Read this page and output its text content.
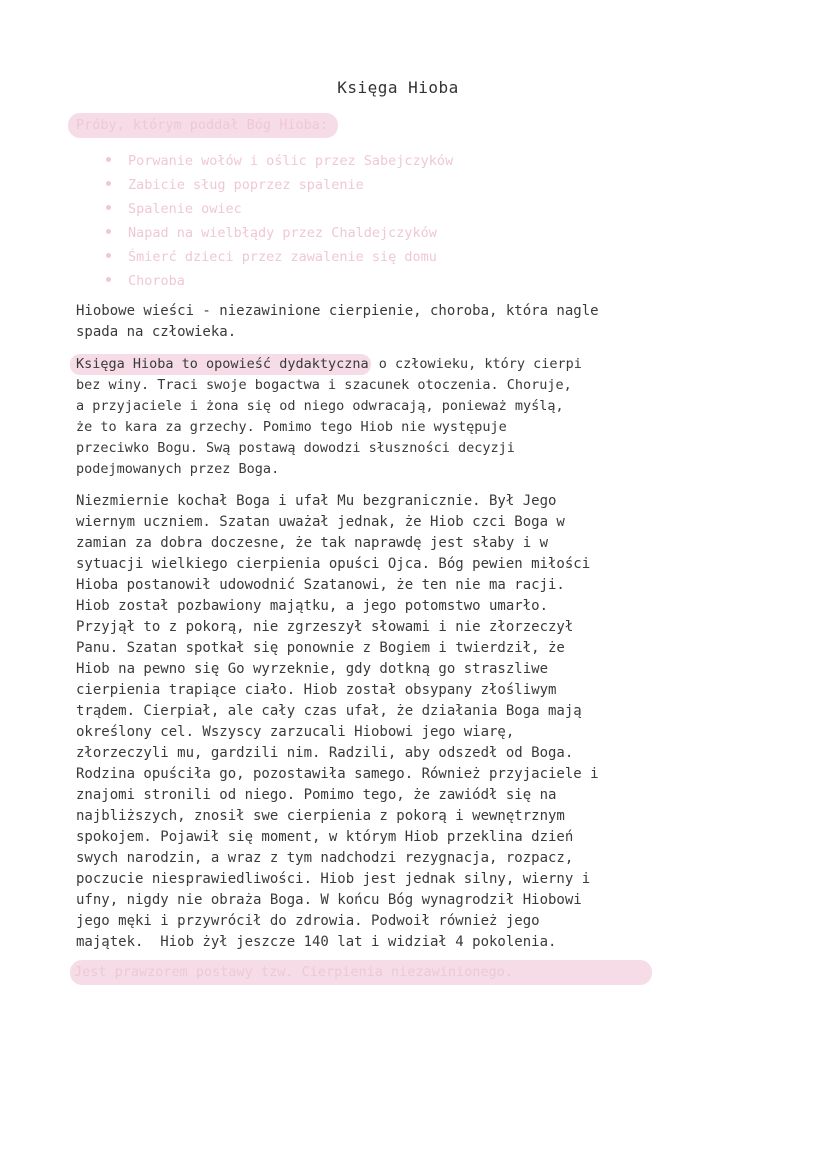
Księga Hioba
Próby, którym poddał Bóg Hioba:
Porwanie wołów i oślic przez Sabejczyków
Zabicie sług poprzez spalenie
Spalenie owiec
Napad na wielbłądy przez Chaldejczyków
Śmierć dzieci przez zawalenie się domu
Choroba
Hiobowe wieści - niezawinione cierpienie, choroba, która nagle
spada na człowieka.
Księga Hioba to opowieść dydaktyczna o człowieku, który cierpi
bez winy. Traci swoje bogactwa i szacunek otoczenia. Choruje,
a przyjaciele i żona się od niego odwracają, ponieważ myślą,
że to kara za grzechy. Pomimo tego Hiob nie występuje
przeciwko Bogu. Swą postawą dowodzi słuszności decyzji
podejmowanych przez Boga.
Niezmiernie kochał Boga i ufał Mu bezgranicznie. Był Jego
wiernym uczniem. Szatan uważał jednak, że Hiob czci Boga w
zamian za dobra doczesne, że tak naprawdę jest słaby i w
sytuacji wielkiego cierpienia opuści Ojca. Bóg pewien miłości
Hioba postanowił udowodnić Szatanowi, że ten nie ma racji.
Hiob został pozbawiony majątku, a jego potomstwo umarło.
Przyjął to z pokorą, nie zgrzeszył słowami i nie złorzeczył
Panu. Szatan spotkał się ponownie z Bogiem i twierdził, że
Hiob na pewno się Go wyrzeknie, gdy dotkną go straszliwe
cierpienia trapiące ciało. Hiob został obsypany złośliwym
trądem. Cierpiał, ale cały czas ufał, że działania Boga mają
określony cel. Wszyscy zarzucali Hiobowi jego wiarę,
złorzeczyli mu, gardzili nim. Radzili, aby odszedł od Boga.
Rodzina opuściła go, pozostawiła samego. Również przyjaciele i
znajomi stronili od niego. Pomimo tego, że zawiódł się na
najbliższych, znosił swe cierpienia z pokorą i wewnętrznym
spokojem. Pojawił się moment, w którym Hiob przeklina dzień
swych narodzin, a wraz z tym nadchodzi rezygnacja, rozpacz,
poczucie niesprawiedliwości. Hiob jest jednak silny, wierny i
ufny, nigdy nie obraża Boga. W końcu Bóg wynagrodził Hiobowi
jego męki i przywrócił do zdrowia. Podwoił również jego
majątek.  Hiob żył jeszcze 140 lat i widział 4 pokolenia.
Jest prawzorem postawy tzw. Cierpienia niezawinionego.
